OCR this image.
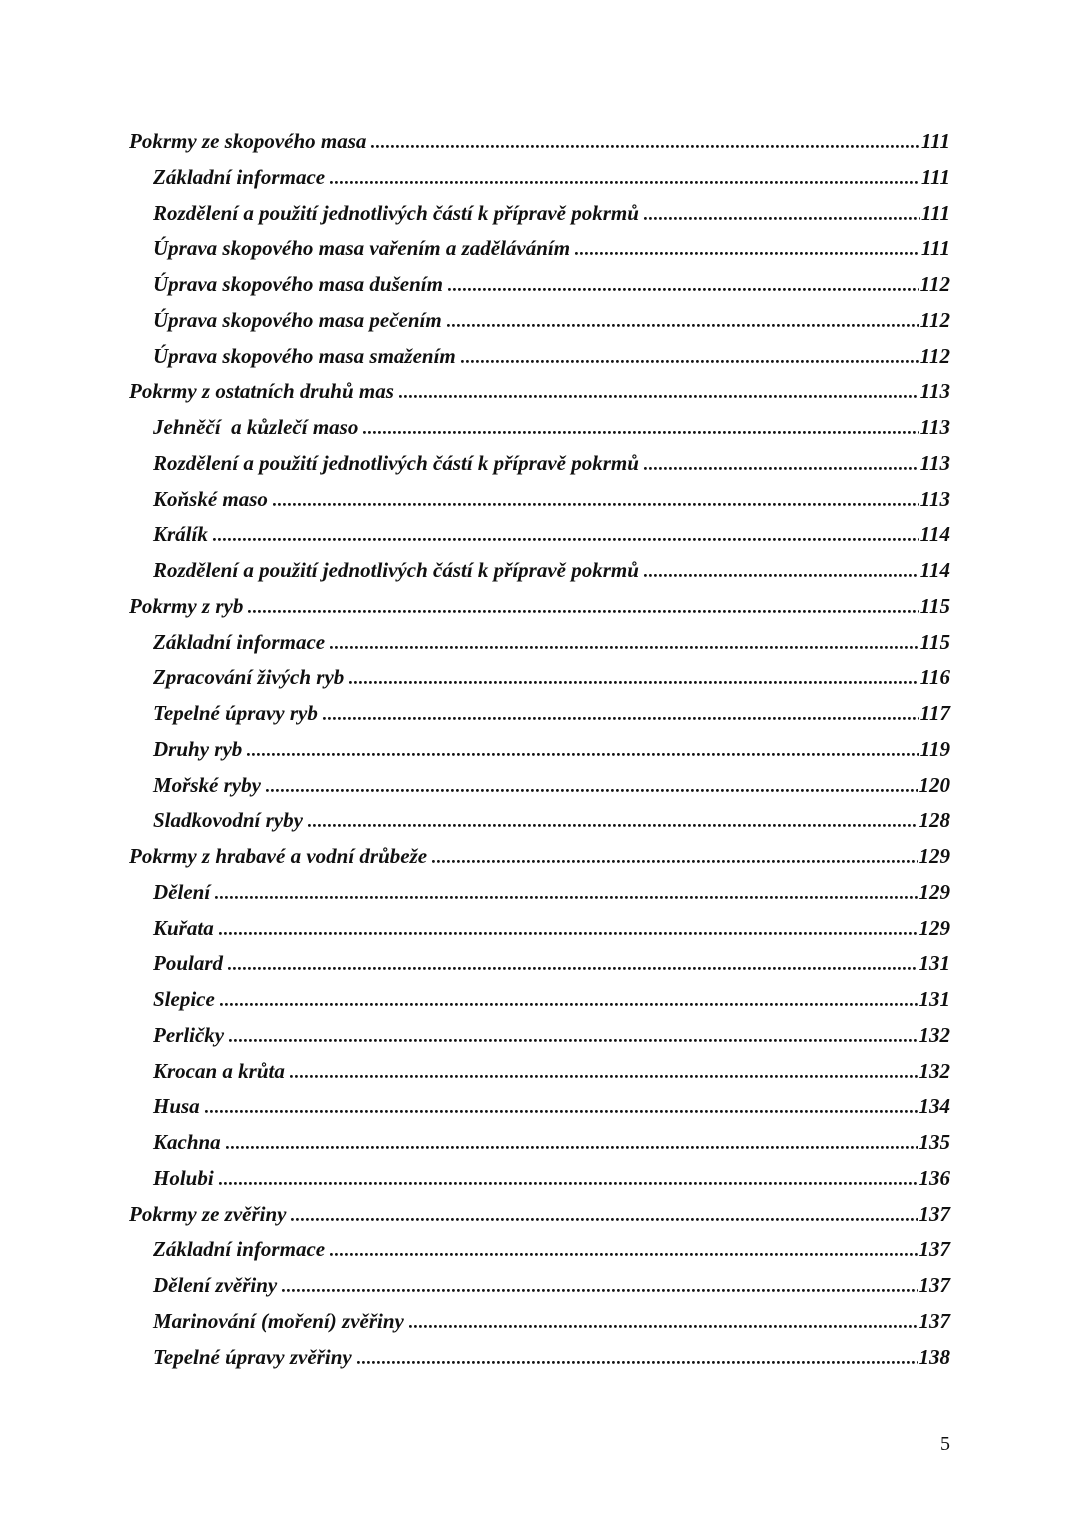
Pokrmy ze skopového masa	111
Základní informace	111
Rozdělení a použití jednotlivých částí k přípravě pokrmů	111
Úprava skopového masa vařením a zaděláváním	111
Úprava skopového masa dušením	112
Úprava skopového masa pečením	112
Úprava skopového masa smažením	112
Pokrmy z ostatních druhů mas	113
Jehněčí  a kůzlečí maso	113
Rozdělení a použití jednotlivých částí k přípravě pokrmů	113
Koňské maso	113
Králík	114
Rozdělení a použití jednotlivých částí k přípravě pokrmů	114
Pokrmy z ryb	115
Základní informace	115
Zpracování živých ryb	116
Tepelné úpravy ryb	117
Druhy ryb	119
Mořské ryby	120
Sladkovodní ryby	128
Pokrmy z hrabavé a vodní drůbeže	129
Dělení	129
Kuřata	129
Poulard	131
Slepice	131
Perličky	132
Krocan a krůta	132
Husa	134
Kachna	135
Holubi	136
Pokrmy ze zvěřiny	137
Základní informace	137
Dělení zvěřiny	137
Marinování (moření) zvěřiny	137
Tepelné úpravy zvěřiny	138
5
